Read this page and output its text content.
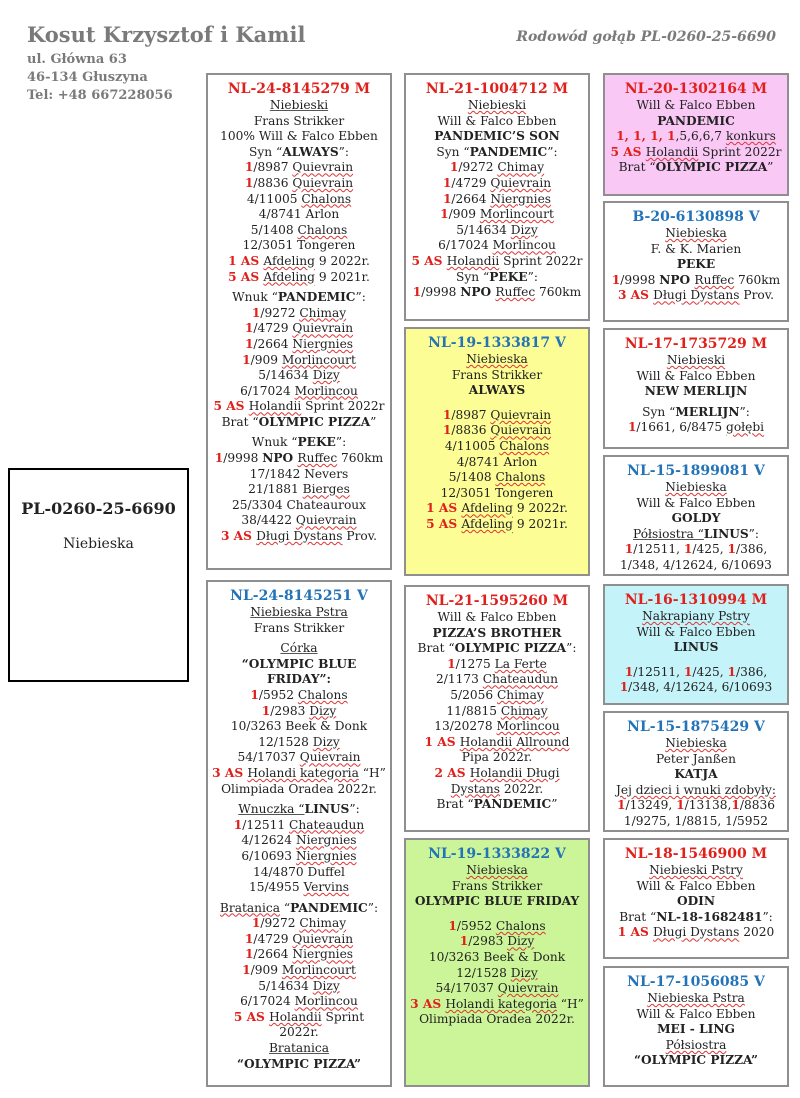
Kosut Krzysztof i Kamil
ul. Główna 63
46-134 Głuszyna
Tel: +48 667228056
Rodowód gołąb PL-0260-25-6690
PL-0260-25-6690
Niebieska
NL-24-8145279 M
Niebieski
Frans Strikker
100% Will & Falco Ebben
Syn “ALWAYS”:
1/8987 Quievrain
1/8836 Quievrain
4/11005 Chalons
4/8741 Arlon
5/1408 Chalons
12/3051 Tongeren
1 AS Afdeling 9 2022r.
5 AS Afdeling 9 2021r.
Wnuk “PANDEMIC”:
1/9272 Chimay
1/4729 Quievrain
1/2664 Niergnies
1/909 Morlincourt
5/14634 Dizy
6/17024 Morlincou
5 AS Holandii Sprint 2022r
Brat “OLYMPIC PIZZA”
Wnuk “PEKE”:
1/9998 NPO Ruffec 760km
17/1842 Nevers
21/1881 Bierges
25/3304 Chateauroux
38/4422 Quievrain
3 AS Długi Dystans Prov.
NL-24-8145251 V
Niebieska Pstra
Frans Strikker
Córka
“OLYMPIC BLUE FRIDAY”:
1/5952 Chalons
1/2983 Dizy
10/3263 Beek & Donk
12/1528 Dizy
54/17037 Quievrain
3 AS Holandi kategoria “H”
Olimpiada Oradea 2022r.
Wnuczka “LINUS”:
1/12511 Chateaudun
4/12624 Niergnies
6/10693 Niergnies
14/4870 Duffel
15/4955 Vervins
Bratanica “PANDEMIC”:
1/9272 Chimay
1/4729 Quievrain
1/2664 Niergnies
1/909 Morlincourt
5/14634 Dizy
6/17024 Morlincou
5 AS Holandii Sprint
2022r.
Bratanica
“OLYMPIC PIZZA”
NL-21-1004712 M
Niebieski
Will & Falco Ebben
PANDEMIC’S SON
Syn “PANDEMIC”:
1/9272 Chimay
1/4729 Quievrain
1/2664 Niergnies
1/909 Morlincourt
5/14634 Dizy
6/17024 Morlincou
5 AS Holandii Sprint 2022r
Syn “PEKE”:
1/9998 NPO Ruffec 760km
NL-19-1333817 V
Niebieska
Frans Strikker
ALWAYS
1/8987 Quievrain
1/8836 Quievrain
4/11005 Chalons
4/8741 Arlon
5/1408 Chalons
12/3051 Tongeren
1 AS Afdeling 9 2022r.
5 AS Afdeling 9 2021r.
NL-21-1595260 M
Will & Falco Ebben
PIZZA’S BROTHER
Brat “OLYMPIC PIZZA”:
1/1275 La Ferte
2/1173 Chateaudun
5/2056 Chimay
11/8815 Chimay
13/20278 Morlincou
1 AS Holandii Allround
Pipa 2022r.
2 AS Holandii Długi
Dystans 2022r.
Brat “PANDEMIC”
NL-19-1333822 V
Niebieska
Frans Strikker
OLYMPIC BLUE FRIDAY
1/5952 Chalons
1/2983 Dizy
10/3263 Beek & Donk
12/1528 Dizy
54/17037 Quievrain
3 AS Holandi kategoria “H”
Olimpiada Oradea 2022r.
NL-20-1302164 M
Will & Falco Ebben
PANDEMIC
1, 1, 1, 1,5,6,6,7 konkurs
5 AS Holandii Sprint 2022r
Brat “OLYMPIC PIZZA”
B-20-6130898 V
Niebieska
F. & K. Marien
PEKE
1/9998 NPO Ruffec 760km
3 AS Długi Dystans Prov.
NL-17-1735729 M
Niebieski
Will & Falco Ebben
NEW MERLIJN
Syn “MERLIJN”:
1/1661, 6/8475 gołębi
NL-15-1899081 V
Niebieska
Will & Falco Ebben
GOLDY
Półsiostra “LINUS”:
1/12511, 1/425, 1/386,
1/348, 4/12624, 6/10693
NL-16-1310994 M
Nakrapiany Pstry
Will & Falco Ebben
LINUS
1/12511, 1/425, 1/386,
1/348, 4/12624, 6/10693
NL-15-1875429 V
Niebieska
Peter Janßen
KATJA
Jej dzieci i wnuki zdobyły:
1/13249, 1/13138,1/8836
1/9275, 1/8815, 1/5952
NL-18-1546900 M
Niebieski Pstry
Will & Falco Ebben
ODIN
Brat “NL-18-1682481”:
1 AS Długi Dystans 2020
NL-17-1056085 V
Niebieska Pstra
Will & Falco Ebben
MEI - LING
Półsiostra
“OLYMPIC PIZZA”
